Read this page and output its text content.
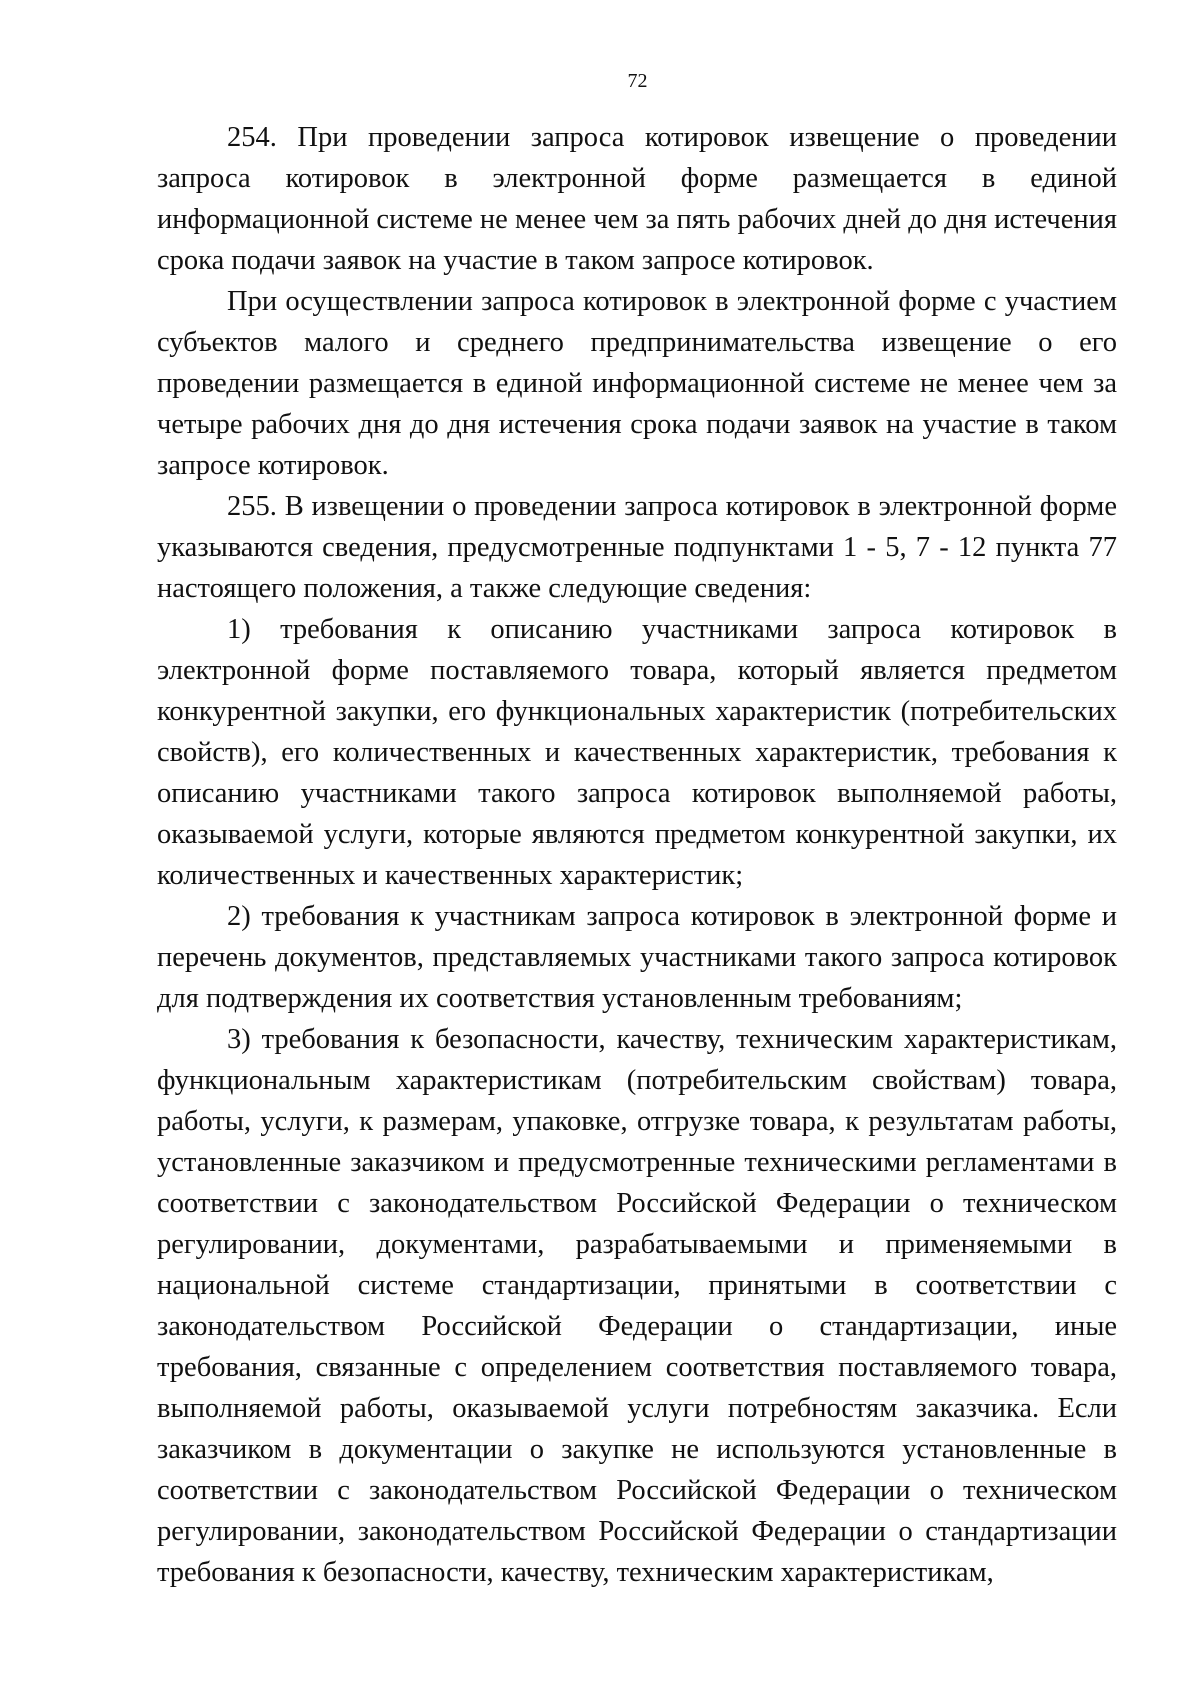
72

254. При проведении запроса котировок извещение о проведении запроса котировок в электронной форме размещается в единой информационной системе не менее чем за пять рабочих дней до дня истечения срока подачи заявок на участие в таком запросе котировок.

При осуществлении запроса котировок в электронной форме с участием субъектов малого и среднего предпринимательства извещение о его проведении размещается в единой информационной системе не менее чем за четыре рабочих дня до дня истечения срока подачи заявок на участие в таком запросе котировок.

255. В извещении о проведении запроса котировок в электронной форме указываются сведения, предусмотренные подпунктами 1 - 5, 7 - 12 пункта 77 настоящего положения, а также следующие сведения:

1) требования к описанию участниками запроса котировок в электронной форме поставляемого товара, который является предметом конкурентной закупки, его функциональных характеристик (потребительских свойств), его количественных и качественных характеристик, требования к описанию участниками такого запроса котировок выполняемой работы, оказываемой услуги, которые являются предметом конкурентной закупки, их количественных и качественных характеристик;

2) требования к участникам запроса котировок в электронной форме и перечень документов, представляемых участниками такого запроса котировок для подтверждения их соответствия установленным требованиям;

3) требования к безопасности, качеству, техническим характеристикам, функциональным характеристикам (потребительским свойствам) товара, работы, услуги, к размерам, упаковке, отгрузке товара, к результатам работы, установленные заказчиком и предусмотренные техническими регламентами в соответствии с законодательством Российской Федерации о техническом регулировании, документами, разрабатываемыми и применяемыми в национальной системе стандартизации, принятыми в соответствии с законодательством Российской Федерации о стандартизации, иные требования, связанные с определением соответствия поставляемого товара, выполняемой работы, оказываемой услуги потребностям заказчика. Если заказчиком в документации о закупке не используются установленные в соответствии с законодательством Российской Федерации о техническом регулировании, законодательством Российской Федерации о стандартизации требования к безопасности, качеству, техническим характеристикам,
